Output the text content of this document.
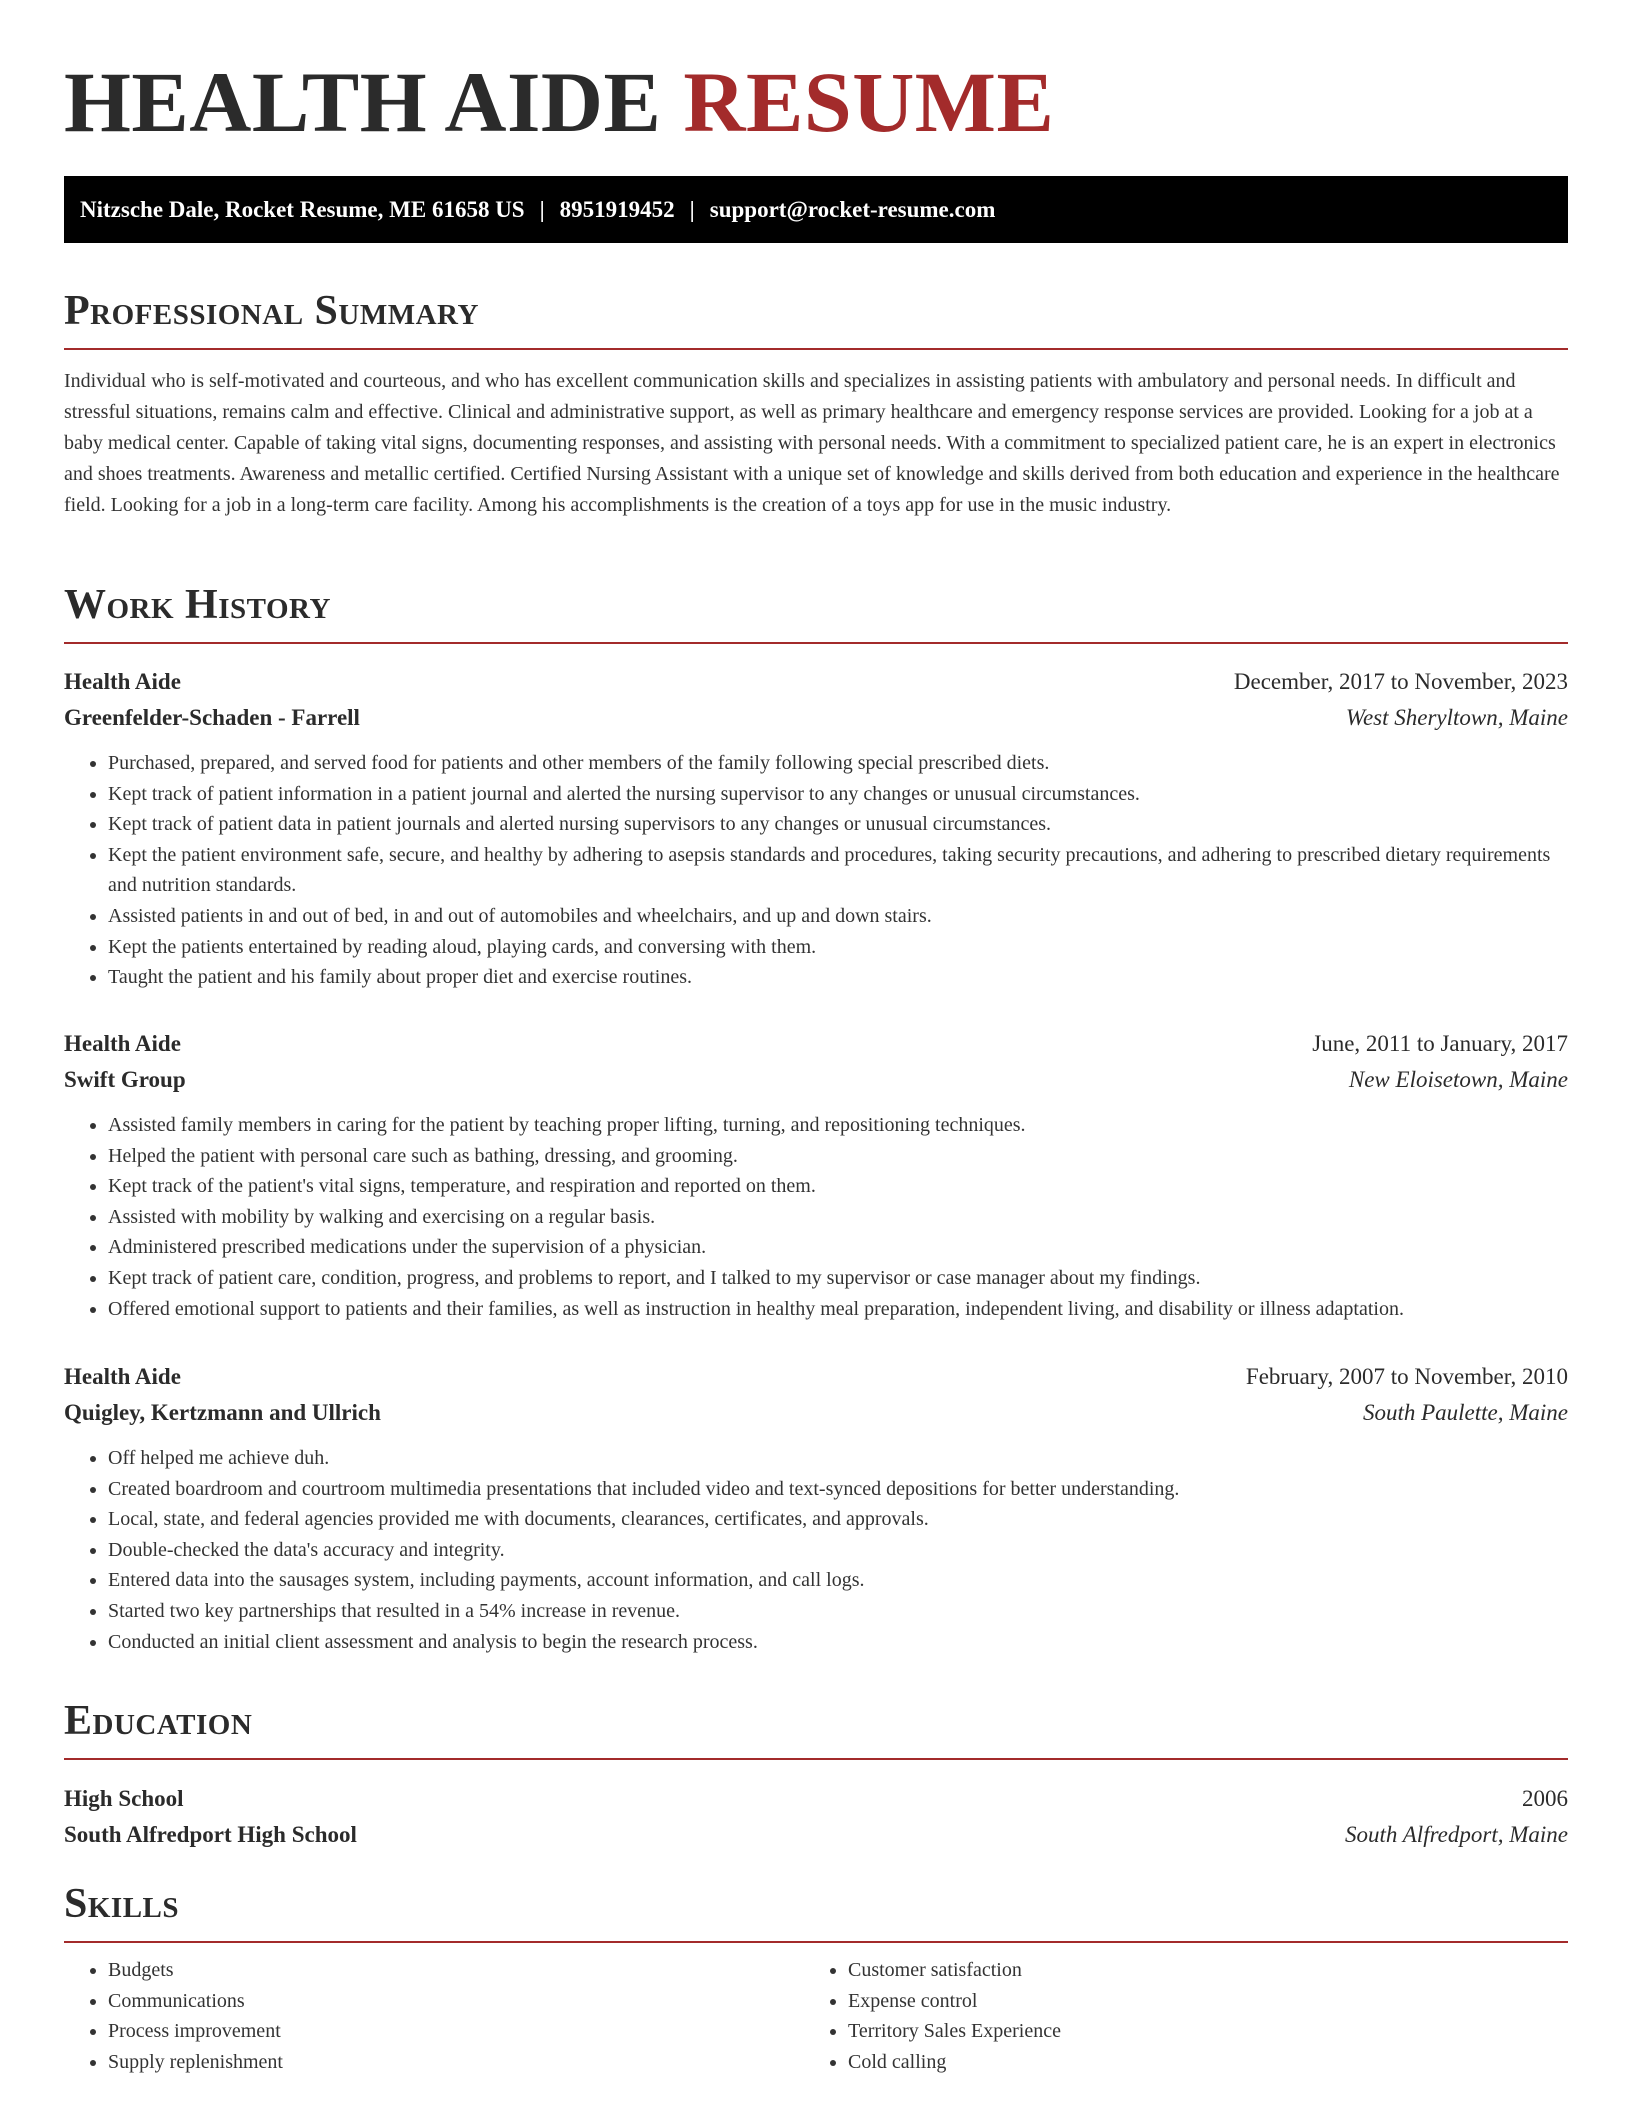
HEALTH AIDE RESUME
Nitzsche Dale, Rocket Resume, ME 61658 US | 8951919452 | support@rocket-resume.com
Professional Summary
Individual who is self-motivated and courteous, and who has excellent communication skills and specializes in assisting patients with ambulatory and personal needs. In difficult and stressful situations, remains calm and effective. Clinical and administrative support, as well as primary healthcare and emergency response services are provided. Looking for a job at a baby medical center. Capable of taking vital signs, documenting responses, and assisting with personal needs. With a commitment to specialized patient care, he is an expert in electronics and shoes treatments. Awareness and metallic certified. Certified Nursing Assistant with a unique set of knowledge and skills derived from both education and experience in the healthcare field. Looking for a job in a long-term care facility. Among his accomplishments is the creation of a toys app for use in the music industry.
Work History
Health Aide	December, 2017 to November, 2023
Greenfelder-Schaden - Farrell	West Sheryltown, Maine
• Purchased, prepared, and served food for patients and other members of the family following special prescribed diets.
• Kept track of patient information in a patient journal and alerted the nursing supervisor to any changes or unusual circumstances.
• Kept track of patient data in patient journals and alerted nursing supervisors to any changes or unusual circumstances.
• Kept the patient environment safe, secure, and healthy by adhering to asepsis standards and procedures, taking security precautions, and adhering to prescribed dietary requirements and nutrition standards.
• Assisted patients in and out of bed, in and out of automobiles and wheelchairs, and up and down stairs.
• Kept the patients entertained by reading aloud, playing cards, and conversing with them.
• Taught the patient and his family about proper diet and exercise routines.
Health Aide	June, 2011 to January, 2017
Swift Group	New Eloisetown, Maine
• Assisted family members in caring for the patient by teaching proper lifting, turning, and repositioning techniques.
• Helped the patient with personal care such as bathing, dressing, and grooming.
• Kept track of the patient's vital signs, temperature, and respiration and reported on them.
• Assisted with mobility by walking and exercising on a regular basis.
• Administered prescribed medications under the supervision of a physician.
• Kept track of patient care, condition, progress, and problems to report, and I talked to my supervisor or case manager about my findings.
• Offered emotional support to patients and their families, as well as instruction in healthy meal preparation, independent living, and disability or illness adaptation.
Health Aide	February, 2007 to November, 2010
Quigley, Kertzmann and Ullrich	South Paulette, Maine
• Off helped me achieve duh.
• Created boardroom and courtroom multimedia presentations that included video and text-synced depositions for better understanding.
• Local, state, and federal agencies provided me with documents, clearances, certificates, and approvals.
• Double-checked the data's accuracy and integrity.
• Entered data into the sausages system, including payments, account information, and call logs.
• Started two key partnerships that resulted in a 54% increase in revenue.
• Conducted an initial client assessment and analysis to begin the research process.
Education
High School	2006
South Alfredport High School	South Alfredport, Maine
Skills
• Budgets
• Communications
• Process improvement
• Supply replenishment
• Customer satisfaction
• Expense control
• Territory Sales Experience
• Cold calling
